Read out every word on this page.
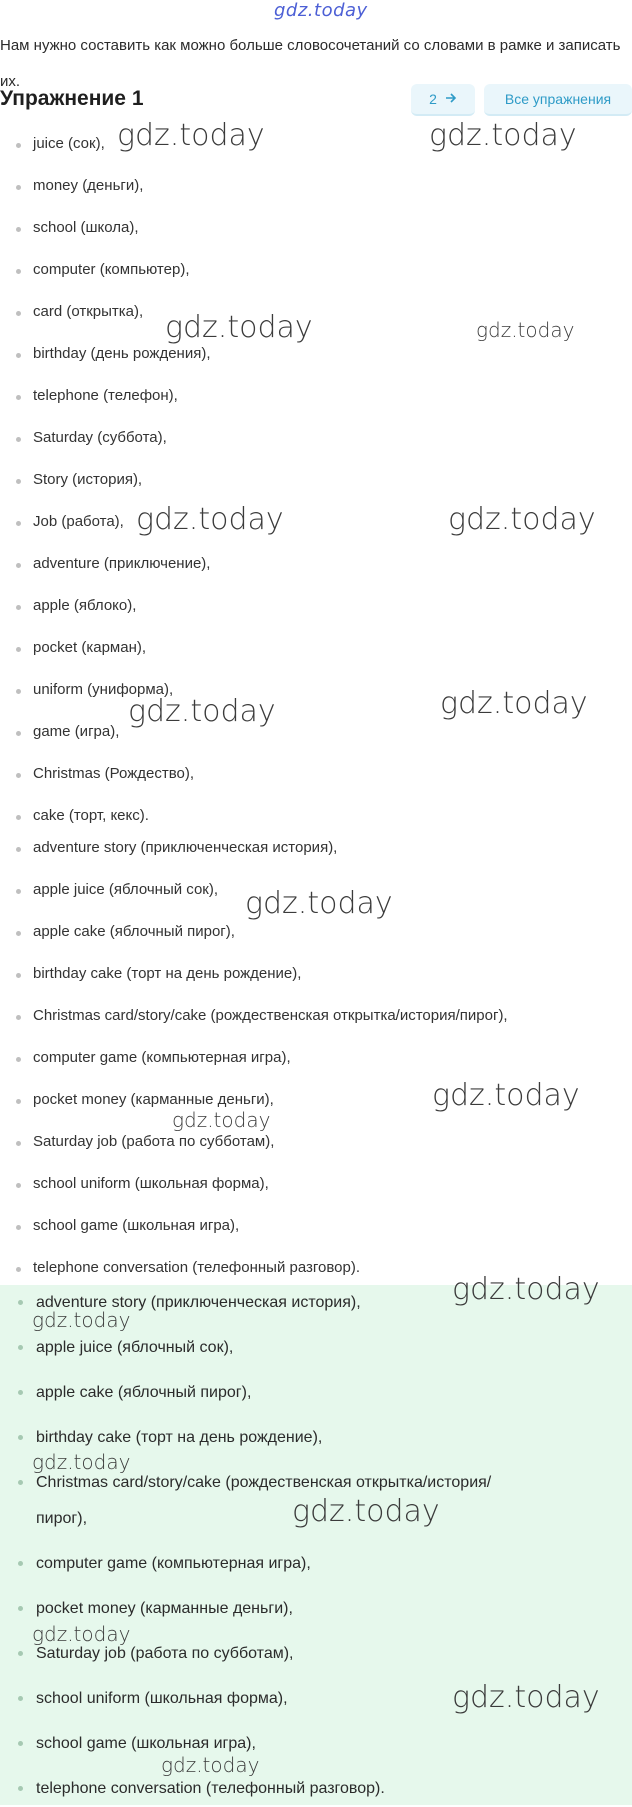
gdz.today
Нам нужно составить как можно больше словосочетаний со словами в рамке и записать их.
Упражнение 1	2	Все упражнения
juice (сок),
money (деньги),
school (школа),
computer (компьютер),
card (открытка),
birthday (день рождения),
telephone (телефон),
Saturday (суббота),
Story (история),
Job (работа),
adventure (приключение),
apple (яблоко),
pocket (карман),
uniform (униформа),
game (игра),
Christmas (Рождество),
cake (торт, кекс).
adventure story (приключенческая история),
apple juice (яблочный сок),
apple cake (яблочный пирог),
birthday cake (торт на день рождение),
Christmas card/story/cake (рождественская открытка/история/пирог),
computer game (компьютерная игра),
pocket money (карманные деньги),
Saturday job (работа по субботам),
school uniform (школьная форма),
school game (школьная игра),
telephone conversation (телефонный разговор).
adventure story (приключенческая история),
apple juice (яблочный сок),
apple cake (яблочный пирог),
birthday cake (торт на день рождение),
Christmas card/story/cake (рождественская открытка/история/
пирог),
computer game (компьютерная игра),
pocket money (карманные деньги),
Saturday job (работа по субботам),
school uniform (школьная форма),
school game (школьная игра),
telephone conversation (телефонный разговор).
gdz.today	gdz.today
gdz.today	gdz.today
gdz.today	gdz.today
gdz.today	gdz.today
gdz.today
gdz.today
gdz.today
gdz.today
gdz.today
gdz.today
gdz.today
gdz.today
gdz.today
gdz.today
